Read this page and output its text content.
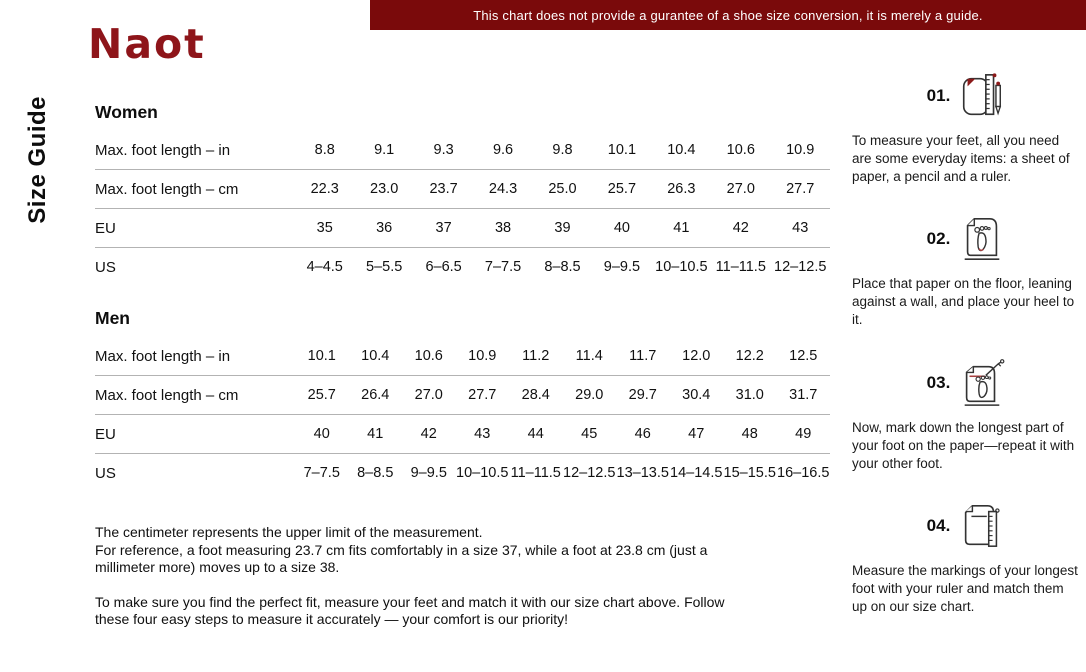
This chart does not provide a gurantee of a shoe size conversion, it is merely a guide.
Naot
Size Guide	Women
Max. foot length – in	8.8	9.1	9.3	9.6	9.8	10.1	10.4	10.6	10.9
Max. foot length – cm	22.3	23.0	23.7	24.3	25.0	25.7	26.3	27.0	27.7
EU	35	36	37	38	39	40	41	42	43
US	4–4.5	5–5.5	6–6.5	7–7.5	8–8.5	9–9.5	10–10.5 11–11.5 12–12.5
Men
Max. foot length – in	10.1	10.4	10.6	10.9	11.2	11.4	11.7	12.0	12.2	12.5
Max. foot length – cm	25.7	26.4	27.0	27.7	28.4	29.0	29.7	30.4	31.0	31.7
EU	40	41	42	43	44	45	46	47	48	49
US	7–7.5	8–8.5	9–9.5 10–10.5 11–11.5 12–12.5 13–13.5 14–14.5 15–15.5 16–16.5

The centimeter represents the upper limit of the measurement.

For reference, a foot measuring 23.7 cm fits comfortably in a size 37, while a foot at 23.8 cm (just a millimeter more) moves up to a size 38.

To make sure you find the perfect fit, measure your feet and match it with our size chart above. Follow these four easy steps to measure it accurately — your comfort is our priority!

01.
To measure your feet, all you need are some everyday items: a sheet of paper, a pencil and a ruler.
02.
Place that paper on the floor, leaning against a wall, and place your heel to it.
03.
Now, mark down the longest part of your foot on the paper—repeat it with your other foot.
04.
Measure the markings of your longest foot with your ruler and match them up on our size chart.
